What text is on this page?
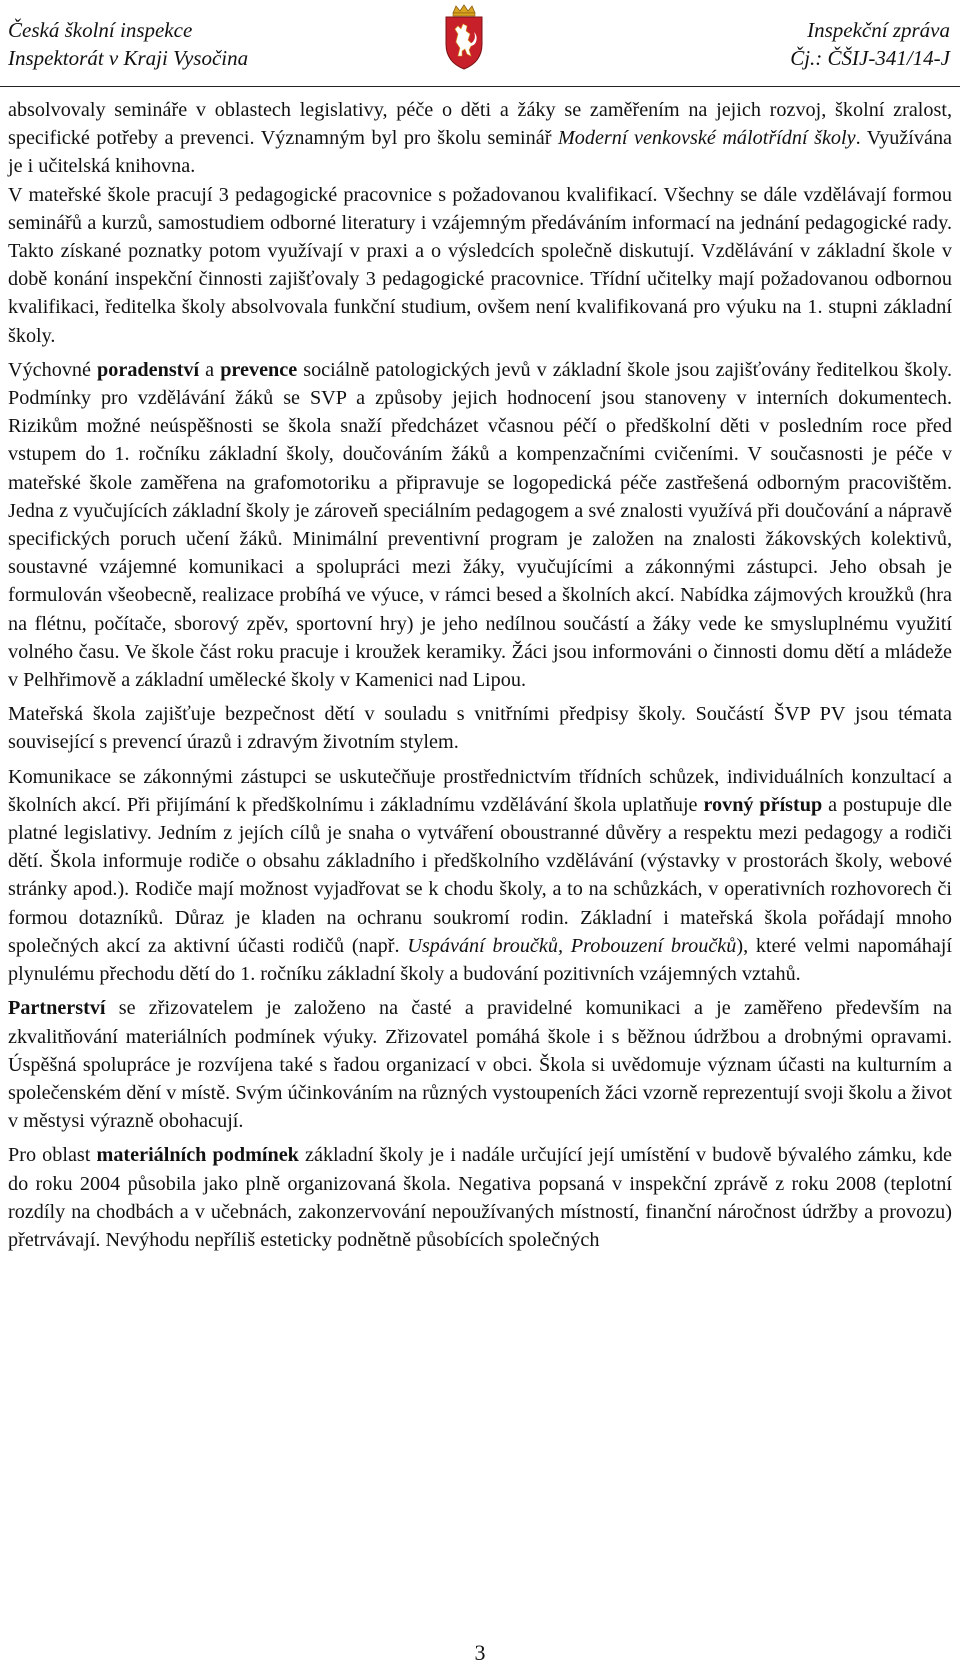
Česká školní inspekce
Inspektorát v Kraji Vysočina
Inspekční zpráva
Čj.: ČŠIJ-341/14-J

absolvovaly semináře v oblastech legislativy, péče o děti a žáky se zaměřením na jejich rozvoj, školní zralost, specifické potřeby a prevenci. Významným byl pro školu seminář Moderní venkovské málotřídní školy. Využívána je i učitelská knihovna.

V mateřské škole pracují 3 pedagogické pracovnice s požadovanou kvalifikací. Všechny se dále vzdělávají formou seminářů a kurzů, samostudiem odborné literatury i vzájemným předáváním informací na jednání pedagogické rady. Takto získané poznatky potom využívají v praxi a o výsledcích společně diskutují. Vzdělávání v základní škole v době konání inspekční činnosti zajišťovaly 3 pedagogické pracovnice. Třídní učitelky mají požadovanou odbornou kvalifikaci, ředitelka školy absolvovala funkční studium, ovšem není kvalifikovaná pro výuku na 1. stupni základní školy.

Výchovné poradenství a prevence sociálně patologických jevů v základní škole jsou zajišťovány ředitelkou školy. Podmínky pro vzdělávání žáků se SVP a způsoby jejich hodnocení jsou stanoveny v interních dokumentech. Rizikům možné neúspěšnosti se škola snaží předcházet včasnou péčí o předškolní děti v posledním roce před vstupem do 1. ročníku základní školy, doučováním žáků a kompenzačními cvičeními. V současnosti je péče v mateřské škole zaměřena na grafomotoriku a připravuje se logopedická péče zastřešená odborným pracovištěm. Jedna z vyučujících základní školy je zároveň speciálním pedagogem a své znalosti využívá při doučování a nápravě specifických poruch učení žáků. Minimální preventivní program je založen na znalosti žákovských kolektivů, soustavné vzájemné komunikaci a spolupráci mezi žáky, vyučujícími a zákonnými zástupci. Jeho obsah je formulován všeobecně, realizace probíhá ve výuce, v rámci besed a školních akcí. Nabídka zájmových kroužků (hra na flétnu, počítače, sborový zpěv, sportovní hry) je jeho nedílnou součástí a žáky vede ke smysluplnému využití volného času. Ve škole část roku pracuje i kroužek keramiky. Žáci jsou informováni o činnosti domu dětí a mládeže v Pelhřimově a základní umělecké školy v Kamenici nad Lipou.

Mateřská škola zajišťuje bezpečnost dětí v souladu s vnitřními předpisy školy. Součástí ŠVP PV jsou témata související s prevencí úrazů i zdravým životním stylem.

Komunikace se zákonnými zástupci se uskutečňuje prostřednictvím třídních schůzek, individuálních konzultací a školních akcí. Při přijímání k předškolnímu i základnímu vzdělávání škola uplatňuje rovný přístup a postupuje dle platné legislativy. Jedním z jejích cílů je snaha o vytváření oboustranné důvěry a respektu mezi pedagogy a rodiči dětí. Škola informuje rodiče o obsahu základního i předškolního vzdělávání (výstavky v prostorách školy, webové stránky apod.). Rodiče mají možnost vyjadřovat se k chodu školy, a to na schůzkách, v operativních rozhovorech či formou dotazníků. Důraz je kladen na ochranu soukromí rodin. Základní i mateřská škola pořádají mnoho společných akcí za aktivní účasti rodičů (např. Uspávání broučků, Probouzení broučků), které velmi napomáhají plynulému přechodu dětí do 1. ročníku základní školy a budování pozitivních vzájemných vztahů.

Partnerství se zřizovatelem je založeno na časté a pravidelné komunikaci a je zaměřeno především na zkvalitňování materiálních podmínek výuky. Zřizovatel pomáhá škole i s běžnou údržbou a drobnými opravami. Úspěšná spolupráce je rozvíjena také s řadou organizací v obci. Škola si uvědomuje význam účasti na kulturním a společenském dění v místě. Svým účinkováním na různých vystoupeních žáci vzorně reprezentují svoji školu a život v městysi výrazně obohacují.

Pro oblast materiálních podmínek základní školy je i nadále určující její umístění v budově bývalého zámku, kde do roku 2004 působila jako plně organizovaná škola. Negativa popsaná v inspekční zprávě z roku 2008 (teplotní rozdíly na chodbách a v učebnách, zakonzervování nepoužívaných místností, finanční náročnost údržby a provozu) přetrvávají. Nevýhodu nepříliš esteticky podnětně působících společných

3
